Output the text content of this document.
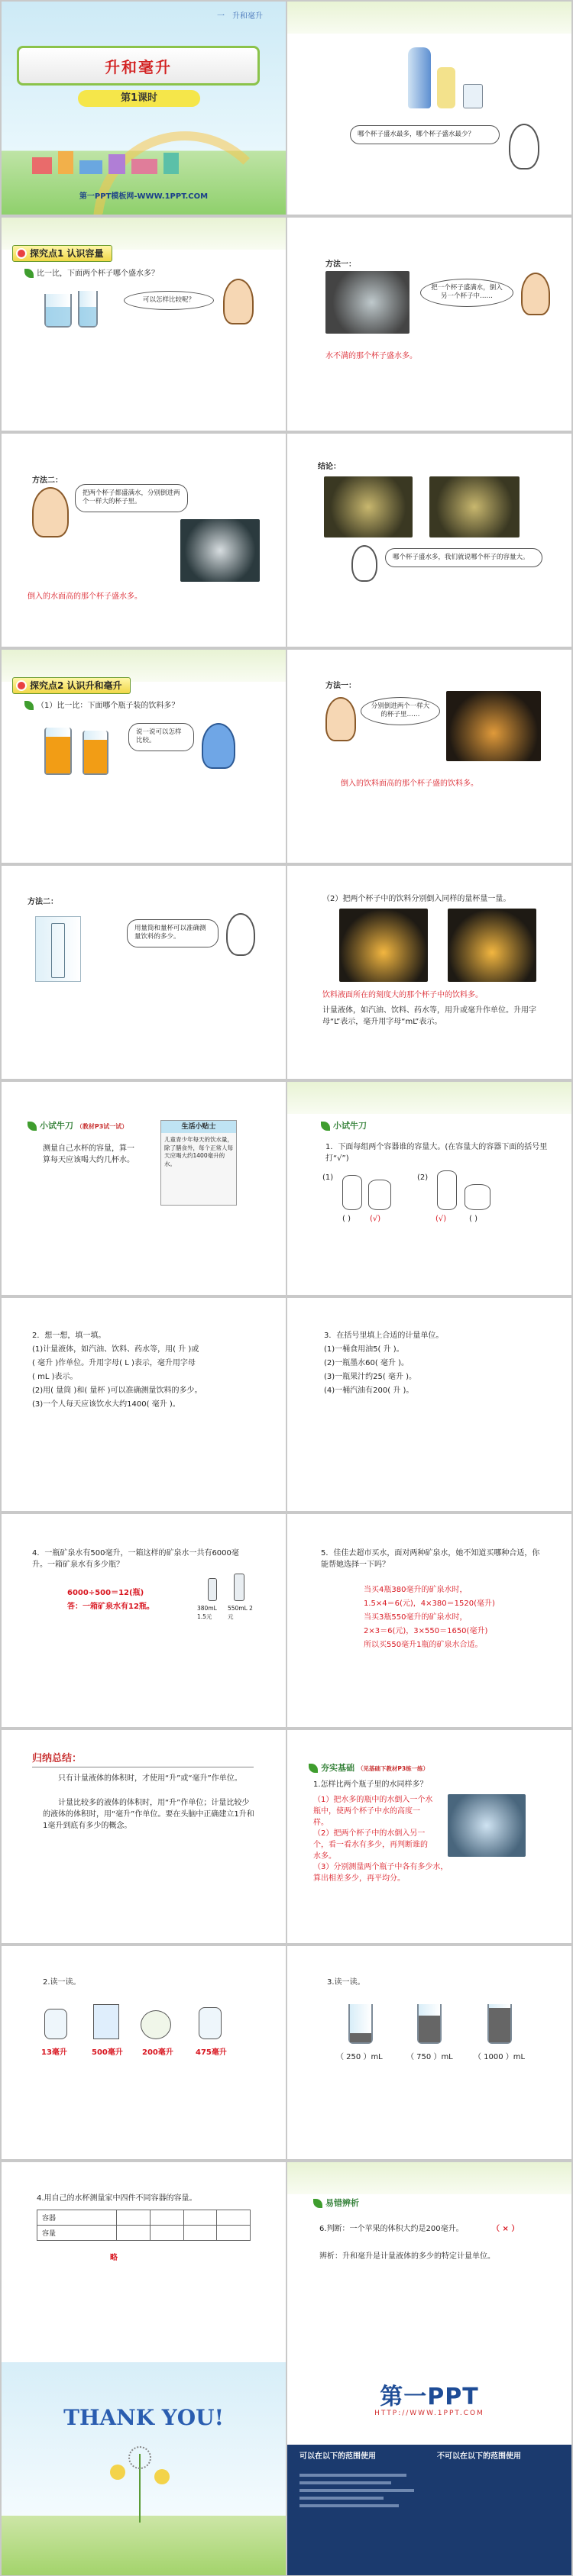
一　升和毫升
升和毫升
第1课时
第一PPT模板网-WWW.1PPT.COM
哪个杯子盛水最多，哪个杯子盛水最少？
探究点1 认识容量
比一比，下面两个杯子哪个盛水多？
可以怎样比较呢？
方法一：
把一个杯子盛满水，倒入另一个杯子中……
水不满的那个杯子盛水多。
方法二：
把两个杯子都盛满水，分别倒进两个一样大的杯子里。
倒入的水面高的那个杯子盛水多。
结论：
哪个杯子盛水多，我们就说哪个杯子的容量大。
探究点2 认识升和毫升
（1）比一比：下面哪个瓶子装的饮料多？
说一说可以怎样比较。
方法一：
分别倒进两个一样大的杯子里……
倒入的饮料面高的那个杯子盛的饮料多。
方法二：
用量筒和量杯可以准确测量饮料的多少。
（2）把两个杯子中的饮料分别倒入同样的量杯量一量。
饮料液面所在的刻度大的那个杯子中的饮料多。
计量液体，如汽油、饮料、药水等，用升或毫升作单位。升用字母“L”表示，毫升用字母“mL”表示。
小试牛刀 （教材P3试一试）
测量自己水杯的容量，算一算每天应该喝大约几杯水。
生活小贴士
儿童青少年每天的饮水量，除了膳食外，每个正常人每天应喝大约1400毫升的水。
小试牛刀
1．下面每组两个容器谁的容量大。(在容量大的容器下面的括号里打“√”)
(1)	(2)
( )	(√)	(√)	( )
2．想一想，填一填。
(1)计量液体，如汽油、饮料、药水等，用( 升 )或
( 毫升 )作单位。升用字母( L )表示，毫升用字母
( mL )表示。
(2)用( 量筒 )和( 量杯 )可以准确测量饮料的多少。
(3)一个人每天应该饮水大约1400( 毫升 )。
3．在括号里填上合适的计量单位。
(1)一桶食用油5( 升 )。
(2)一瓶墨水60( 毫升 )。
(3)一瓶果汁约25( 毫升 )。
(4)一桶汽油有200( 升 )。
4．一瓶矿泉水有500毫升，一箱这样的矿泉水一共有6000毫升。一箱矿泉水有多少瓶？
6000÷500＝12(瓶)
答：一箱矿泉水有12瓶。	380mL 1.5元
550mL 2元
5．佳佳去超市买水，面对两种矿泉水，她不知道买哪种合适，你能帮她选择一下吗？
当买4瓶380毫升的矿泉水时，
1.5×4＝6(元)，4×380＝1520(毫升)
当买3瓶550毫升的矿泉水时，
2×3＝6(元)，3×550＝1650(毫升)
所以买550毫升1瓶的矿泉水合适。
归纳总结：
只有计量液体的体积时，才使用“升”或“毫升”作单位。
计量比较多的液体的体积时，用“升”作单位；计量比较少的液体的体积时，用“毫升”作单位。要在头脑中正确建立1升和1毫升到底有多少的概念。
夯实基础 （见基础下教材P3练一练）
1.怎样比两个瓶子里的水同样多？
（1）把水多的瓶中的水倒入一个水瓶中，使两个杯子中水的高度一样。
（2）把两个杯子中的水倒入另一个，看一看水有多少，再判断谁的水多。
（3）分别测量两个瓶子中各有多少水，算出相差多少，再平均分。
2.读一读。
13毫升	500毫升	200毫升	475毫升
3.读一读。
（ 250 ）mL	（ 750 ）mL	（ 1000 ）mL
4.用自己的水杯测量家中四件不同容器的容量。
容器				
容量				
略
易错辨析
6.判断：一个苹果的体积大约是200毫升。	（ × ）
辨析：升和毫升是计量液体的多少的特定计量单位。
THANK YOU!
第一PPT
HTTP://WWW.1PPT.COM
可以在以下的范围使用	不可以在以下的范围使用
